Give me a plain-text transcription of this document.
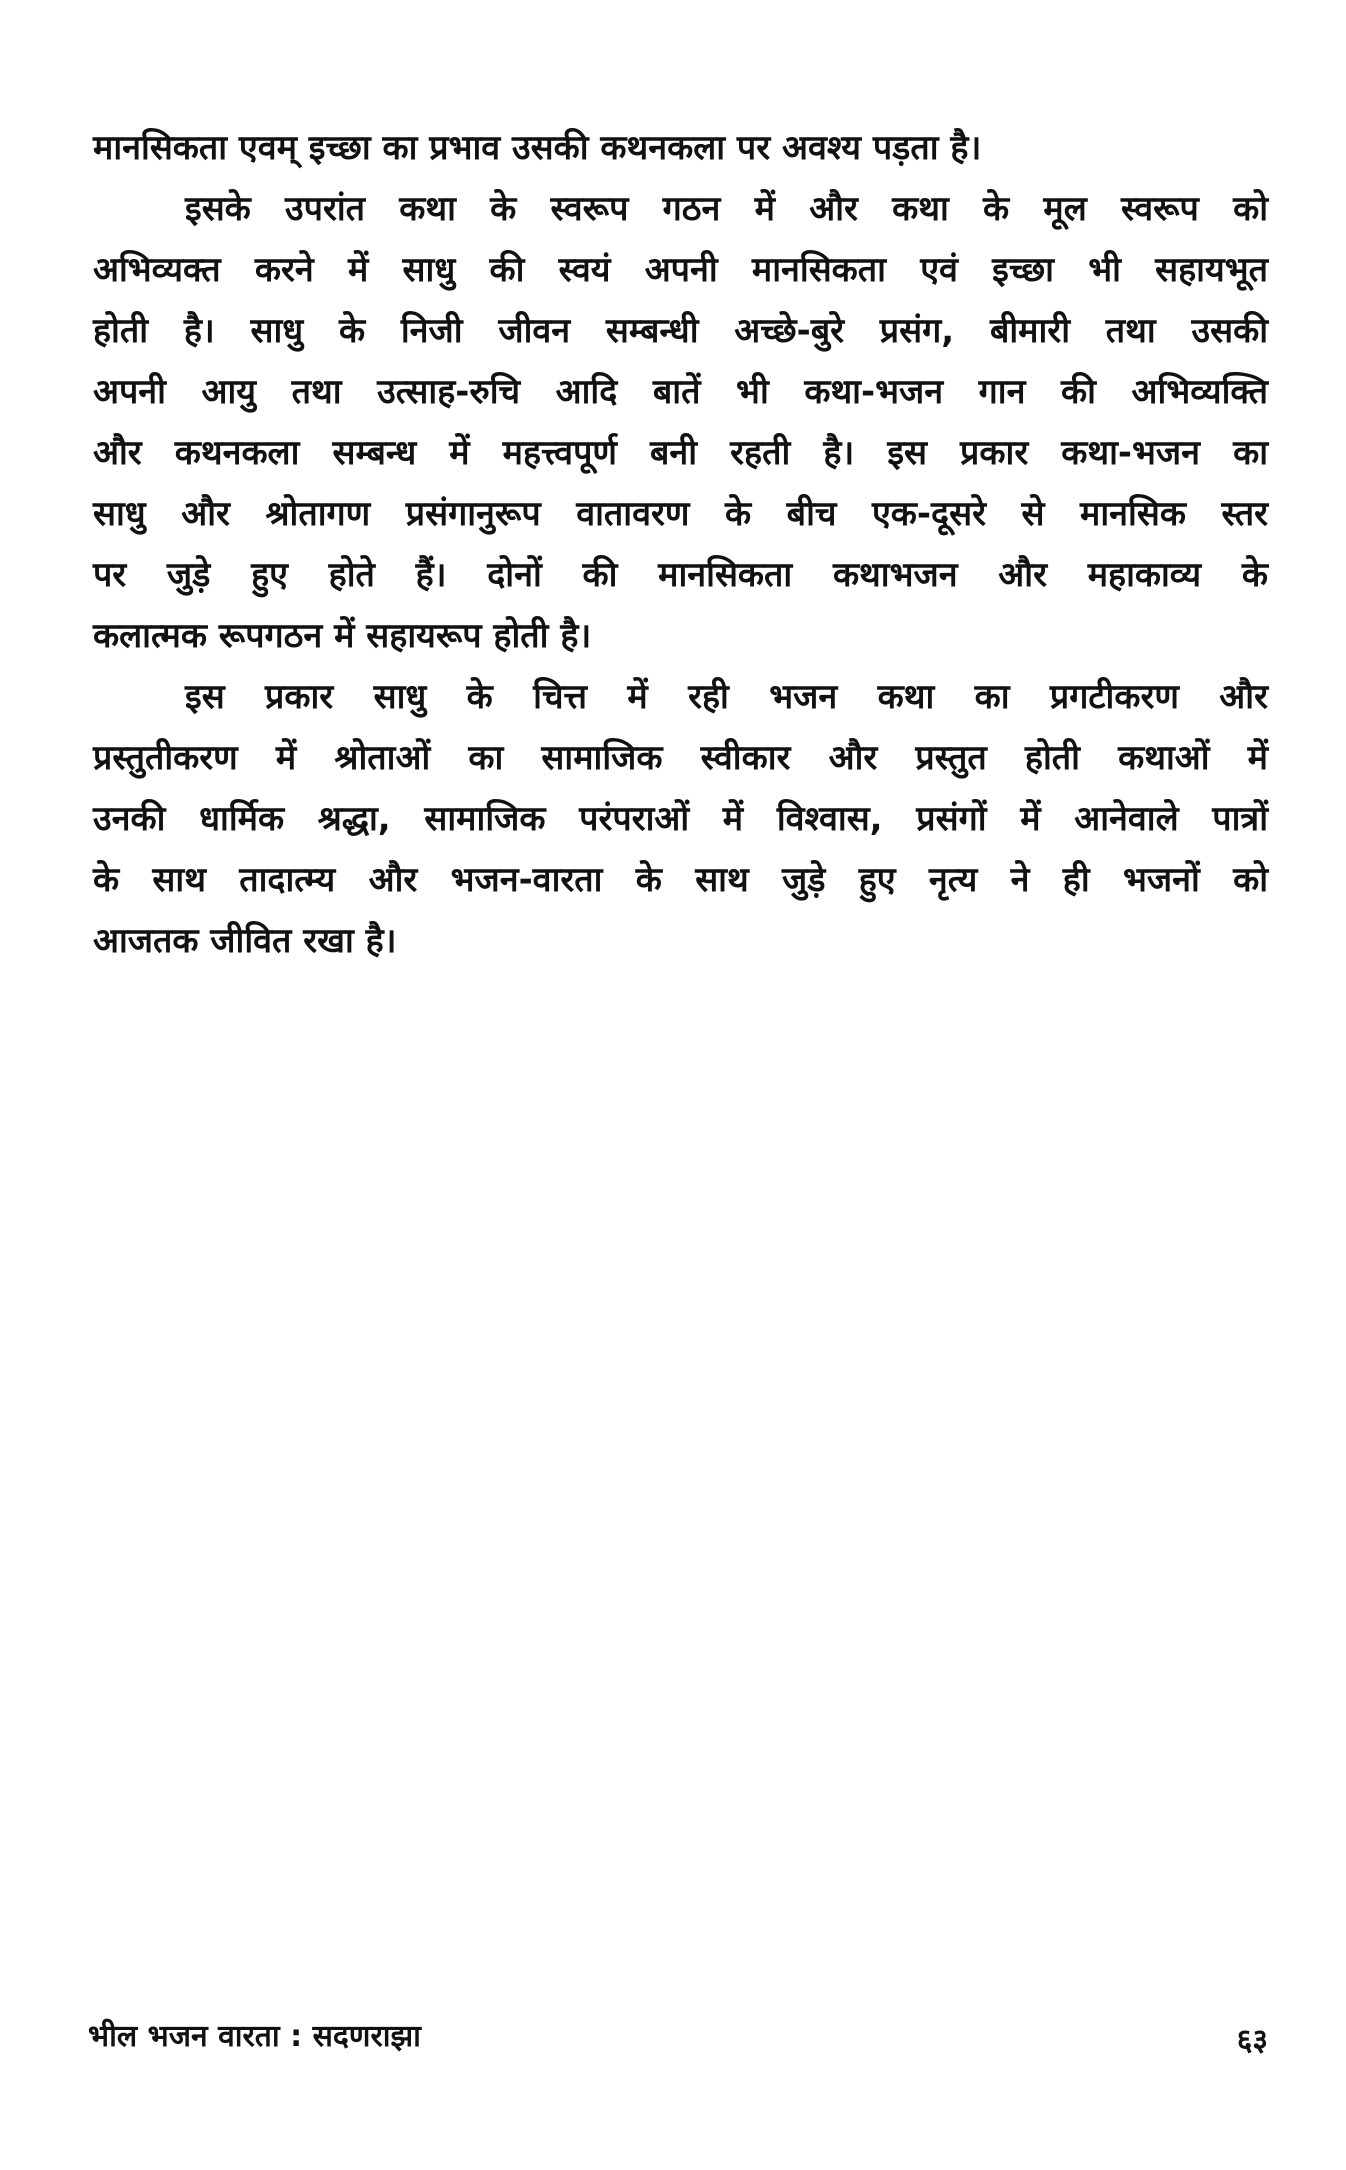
मानसिकता एवम् इच्छा का प्रभाव उसकी कथनकला पर अवश्य पड़ता है।
इसके उपरांत कथा के स्वरूप गठन में और कथा के मूल स्वरूप को
अभिव्यक्त करने में साधु की स्वयं अपनी मानसिकता एवं इच्छा भी सहायभूत
होती है। साधु के निजी जीवन सम्बन्धी अच्छे-बुरे प्रसंग, बीमारी तथा उसकी
अपनी आयु तथा उत्साह-रुचि आदि बातें भी कथा-भजन गान की अभिव्यक्ति
और कथनकला सम्बन्ध में महत्त्वपूर्ण बनी रहती है। इस प्रकार कथा-भजन का
साधु और श्रोतागण प्रसंगानुरूप वातावरण के बीच एक-दूसरे से मानसिक स्तर
पर जुड़े हुए होते हैं। दोनों की मानसिकता कथाभजन और महाकाव्य के
कलात्मक रूपगठन में सहायरूप होती है।
इस प्रकार साधु के चित्त में रही भजन कथा का प्रगटीकरण और
प्रस्तुतीकरण में श्रोताओं का सामाजिक स्वीकार और प्रस्तुत होती कथाओं में
उनकी धार्मिक श्रद्धा, सामाजिक परंपराओं में विश्वास, प्रसंगों में आनेवाले पात्रों
के साथ तादात्म्य और भजन-वारता के साथ जुड़े हुए नृत्य ने ही भजनों को
आजतक जीवित रखा है।
भील भजन वारता : सदणराझा	६३
